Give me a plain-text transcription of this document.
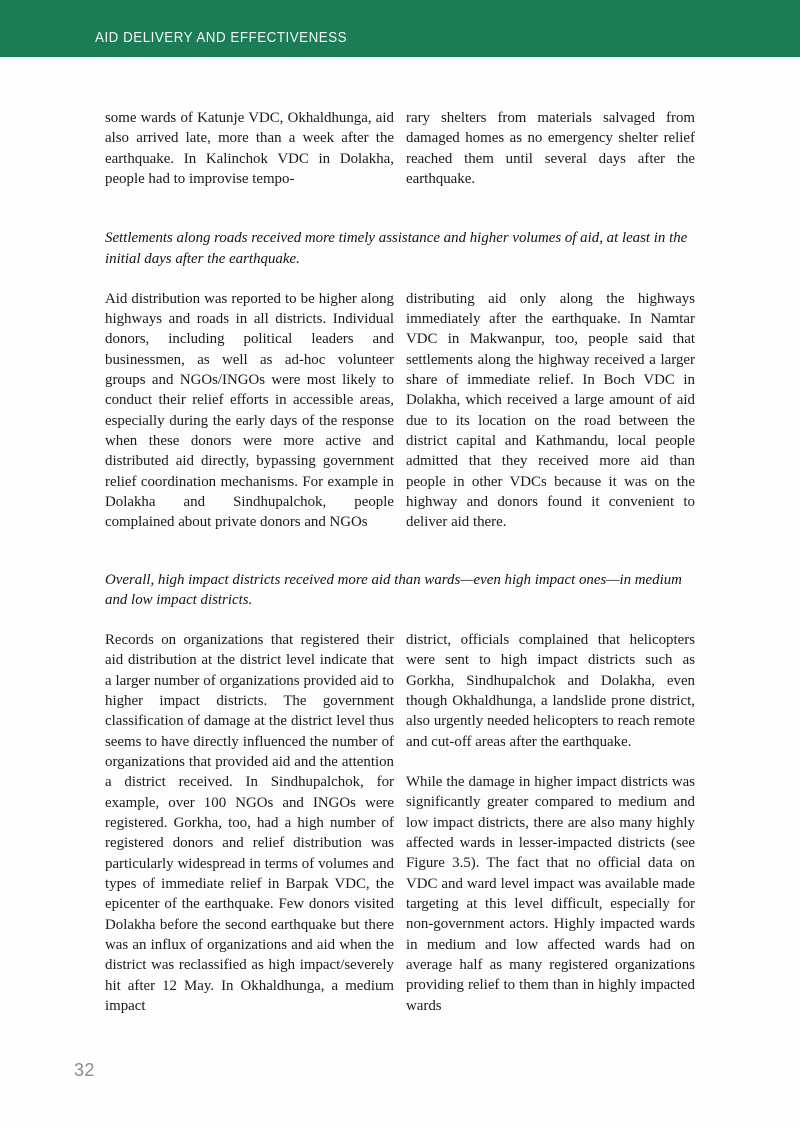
AID DELIVERY AND EFFECTIVENESS

some wards of Katunje VDC, Okhaldhunga, aid also arrived late, more than a week after the earthquake. In Kalinchok VDC in Dolakha, people had to improvise tempo-

rary shelters from materials salvaged from damaged homes as no emergency shelter relief reached them until several days after the earthquake.

Settlements along roads received more timely assistance and higher volumes of aid, at least in the initial days after the earthquake.

Aid distribution was reported to be higher along highways and roads in all districts. Individual donors, including political leaders and businessmen, as well as ad-hoc volunteer groups and NGOs/INGOs were most likely to conduct their relief efforts in accessible areas, especially during the early days of the response when these donors were more active and distributed aid directly, bypassing government relief coordination mechanisms. For example in Dolakha and Sindhupalchok, people complained about private donors and NGOs

distributing aid only along the highways immediately after the earthquake. In Namtar VDC in Makwanpur, too, people said that settlements along the highway received a larger share of immediate relief. In Boch VDC in Dolakha, which received a large amount of aid due to its location on the road between the district capital and Kathmandu, local people admitted that they received more aid than people in other VDCs because it was on the highway and donors found it convenient to deliver aid there.

Overall, high impact districts received more aid than wards—even high impact ones—in medium and low impact districts.

Records on organizations that registered their aid distribution at the district level indicate that a larger number of organizations provided aid to higher impact districts. The government classification of damage at the district level thus seems to have directly influenced the number of organizations that provided aid and the attention a district received. In Sindhupalchok, for example, over 100 NGOs and INGOs were registered. Gorkha, too, had a high number of registered donors and relief distribution was particularly widespread in terms of volumes and types of immediate relief in Barpak VDC, the epicenter of the earthquake. Few donors visited Dolakha before the second earthquake but there was an influx of organizations and aid when the district was reclassified as high impact/severely hit after 12 May. In Okhaldhunga, a medium impact

district, officials complained that helicopters were sent to high impact districts such as Gorkha, Sindhupalchok and Dolakha, even though Okhaldhunga, a landslide prone district, also urgently needed helicopters to reach remote and cut-off areas after the earthquake.

While the damage in higher impact districts was significantly greater compared to medium and low impact districts, there are also many highly affected wards in lesser-impacted districts (see Figure 3.5). The fact that no official data on VDC and ward level impact was available made targeting at this level difficult, especially for non-government actors. Highly impacted wards in medium and low affected wards had on average half as many registered organizations providing relief to them than in highly impacted wards

32
